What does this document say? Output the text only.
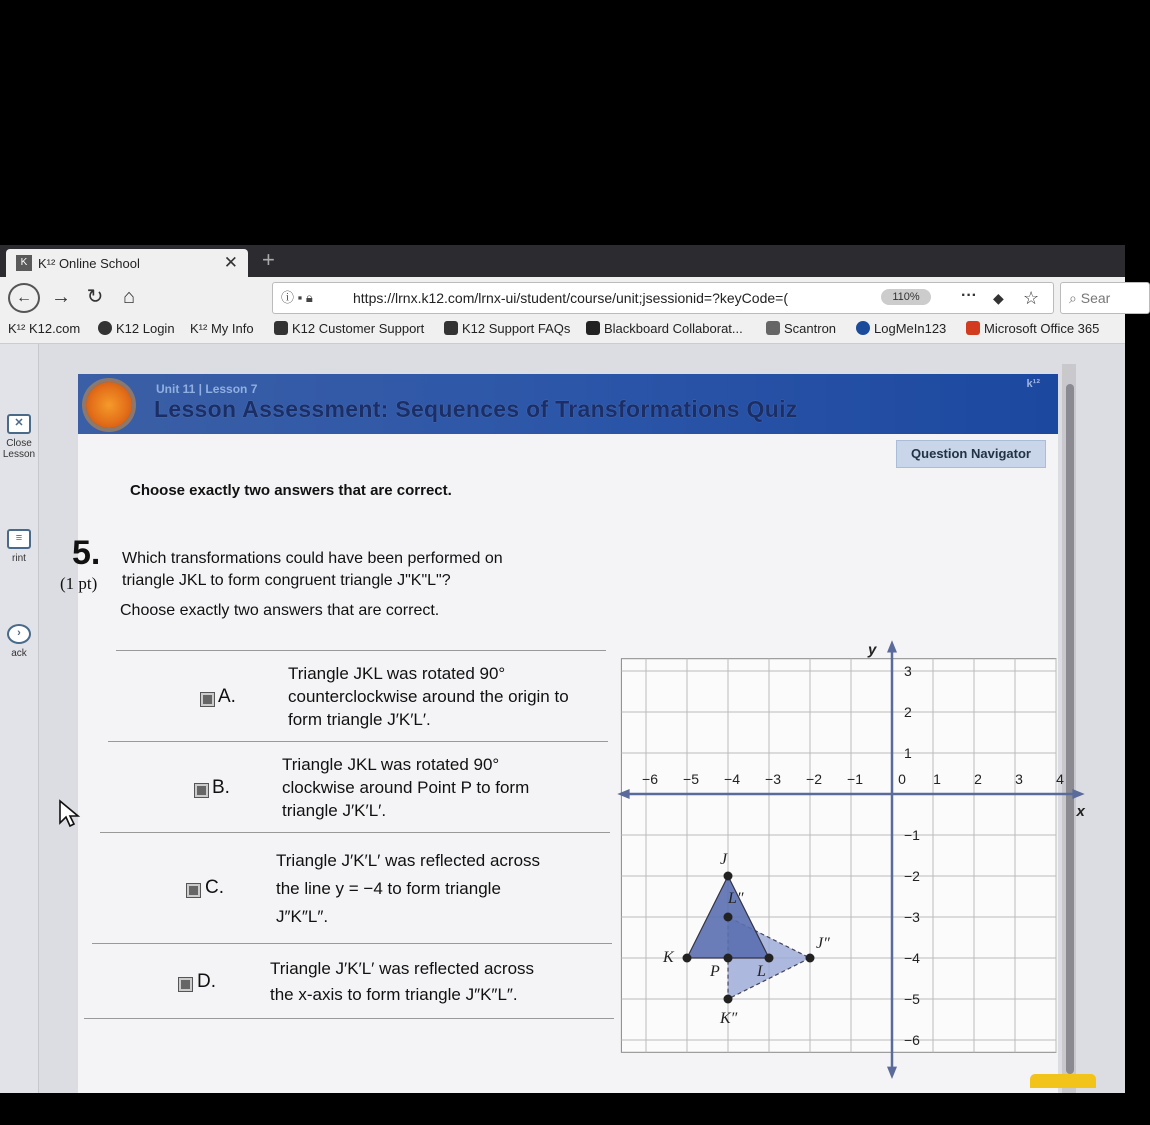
K K¹² Online School	✕ +
← → ↻ ⌂	ⓘ ▪ 🔒︎	https://lrnx.k12.com/lrnx-ui/student/course/unit;jsessionid=?keyCode=(	110%	··· ◆ ☆	⌕ Sear
K¹² K12.com	K12 Login K¹² My Info	K12 Customer Support	K12 Support FAQs	Blackboard Collaborat...	Scantron	LogMeIn123	Microsoft Office 365
✕
Close Lesson
≡
rint
›
ack
Unit 11 | Lesson 7
Lesson Assessment: Sequences of Transformations Quiz
k¹²
Question Navigator
Choose exactly two answers that are correct.
5.
(1 pt)
Which transformations could have been performed on
triangle JKL to form congruent triangle J"K"L"?
Choose exactly two answers that are correct.
A.
Triangle JKL was rotated 90°
counterclockwise around the origin to
form triangle J′K′L′.
B.
Triangle JKL was rotated 90°
clockwise around Point P to form
triangle J′K′L′.
C.
Triangle J′K′L′ was reflected across
the line y = −4 to form triangle
J″K″L″.
D.
Triangle J′K′L′ was reflected across
the x-axis to form triangle J″K″L″.
−6 −5 −4 −3 −2 −1	0 1 2 3 4
3
2
1
−1
−2
−3
−4
−5
−6
x
y
J
K
P L
J″
K″
L″
